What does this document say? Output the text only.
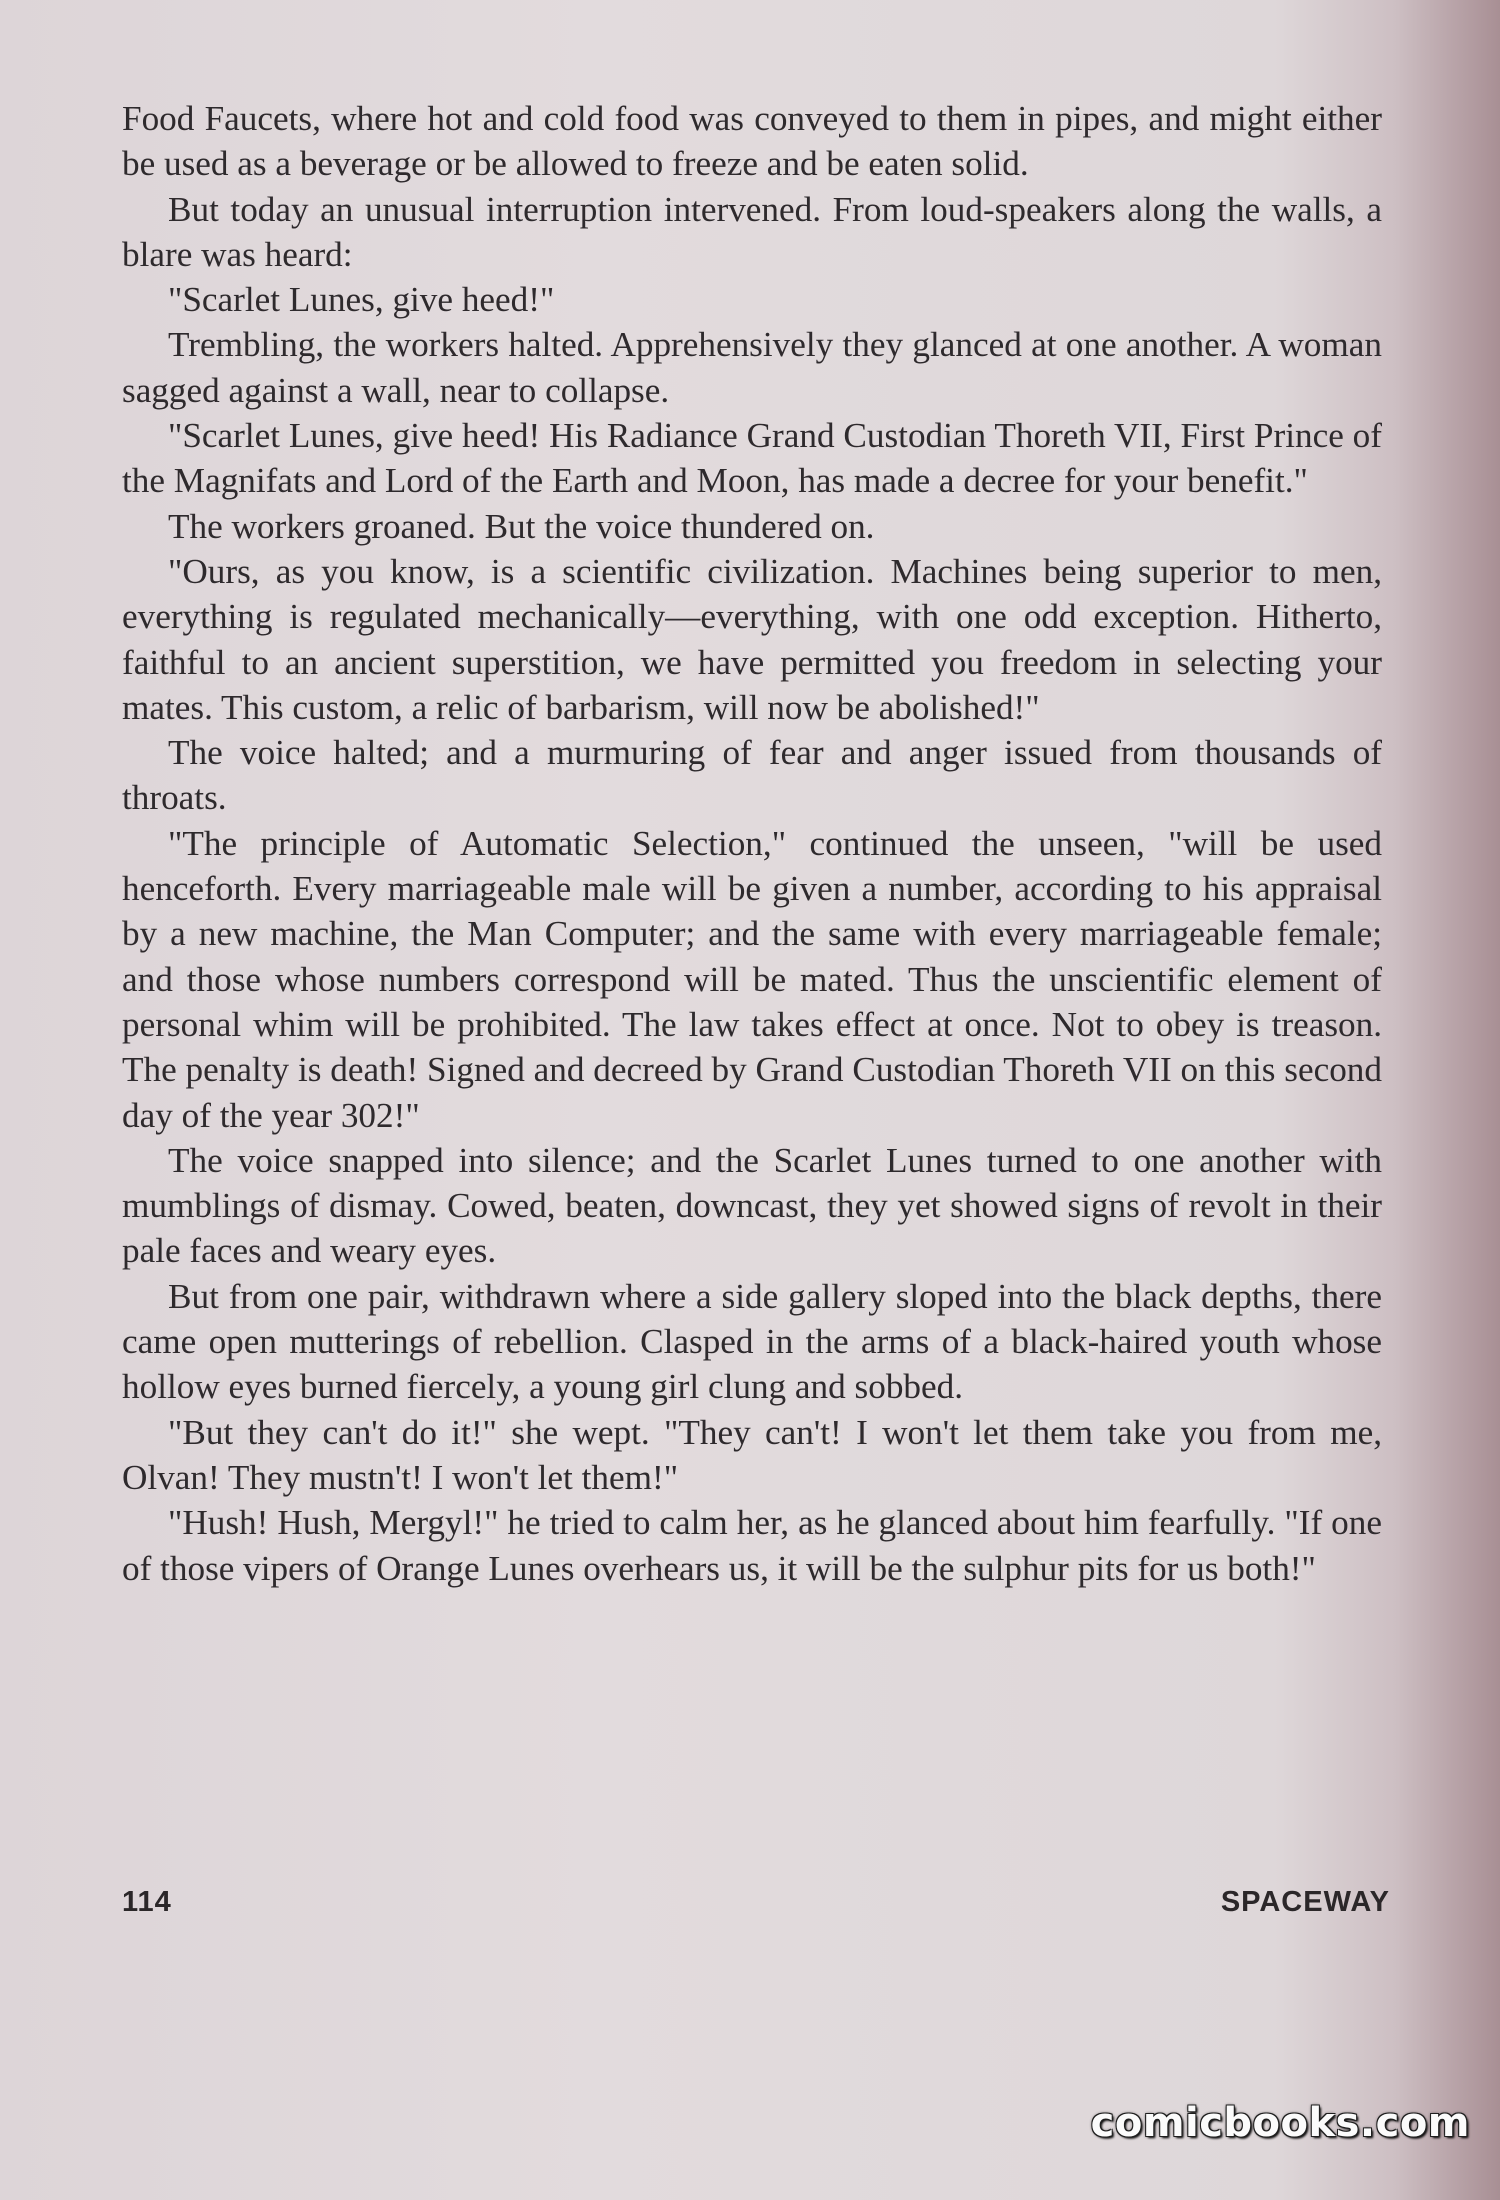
Food Faucets, where hot and cold food was conveyed to them in pipes, and might either be used as a beverage or be allowed to freeze and be eaten solid.

But today an unusual interruption intervened. From loud-speakers along the walls, a blare was heard:

"Scarlet Lunes, give heed!"

Trembling, the workers halted. Apprehensively they glanced at one another. A woman sagged against a wall, near to collapse.

"Scarlet Lunes, give heed! His Radiance Grand Custodian Thoreth VII, First Prince of the Magnifats and Lord of the Earth and Moon, has made a decree for your benefit."

The workers groaned. But the voice thundered on.

"Ours, as you know, is a scientific civilization. Machines being superior to men, everything is regulated mechanically—everything, with one odd exception. Hitherto, faithful to an ancient superstition, we have permitted you freedom in selecting your mates. This custom, a relic of barbarism, will now be abolished!"

The voice halted; and a murmuring of fear and anger issued from thousands of throats.

"The principle of Automatic Selection," continued the unseen, "will be used henceforth. Every marriageable male will be given a number, according to his appraisal by a new machine, the Man Computer; and the same with every marriageable female; and those whose numbers correspond will be mated. Thus the unscientific element of personal whim will be prohibited. The law takes effect at once. Not to obey is treason. The penalty is death! Signed and decreed by Grand Custodian Thoreth VII on this second day of the year 302!"

The voice snapped into silence; and the Scarlet Lunes turned to one another with mumblings of dismay. Cowed, beaten, downcast, they yet showed signs of revolt in their pale faces and weary eyes.

But from one pair, withdrawn where a side gallery sloped into the black depths, there came open mutterings of rebellion. Clasped in the arms of a black-haired youth whose hollow eyes burned fiercely, a young girl clung and sobbed.

"But they can't do it!" she wept. "They can't! I won't let them take you from me, Olvan! They mustn't! I won't let them!"

"Hush! Hush, Mergyl!" he tried to calm her, as he glanced about him fearfully. "If one of those vipers of Orange Lunes overhears us, it will be the sulphur pits for us both!"

114	SPACEWAY
comicbooks.com
